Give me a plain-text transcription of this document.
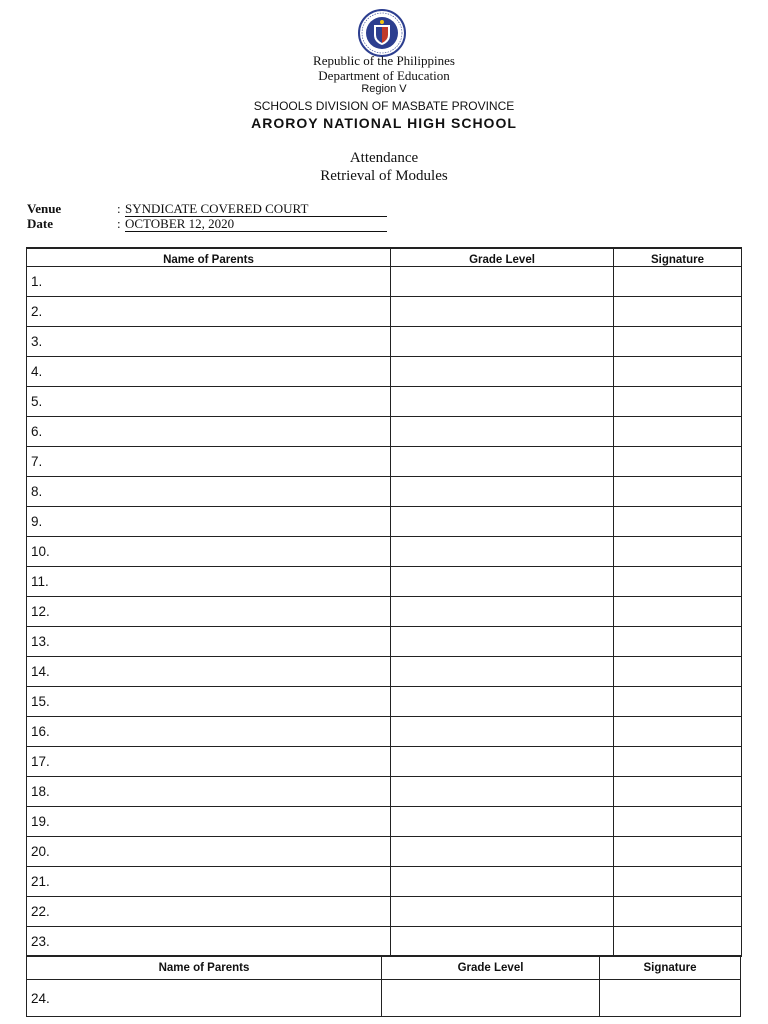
Republic of the Philippines
Department of Education
Region V
SCHOOLS DIVISION OF MASBATE PROVINCE
AROROY NATIONAL HIGH SCHOOL
Attendance
Retrieval of Modules
Venue	: SYNDICATE COVERED COURT
Date	: OCTOBER 12, 2020
Name of Parents	Grade Level	Signature
1.		
2.		
3.		
4.		
5.		
6.		
7.		
8.		
9.		
10.		
11.		
12.		
13.		
14.		
15.		
16.		
17.		
18.		
19.		
20.		
21.		
22.		
23.		
Name of Parents	Grade Level	Signature
24.		
